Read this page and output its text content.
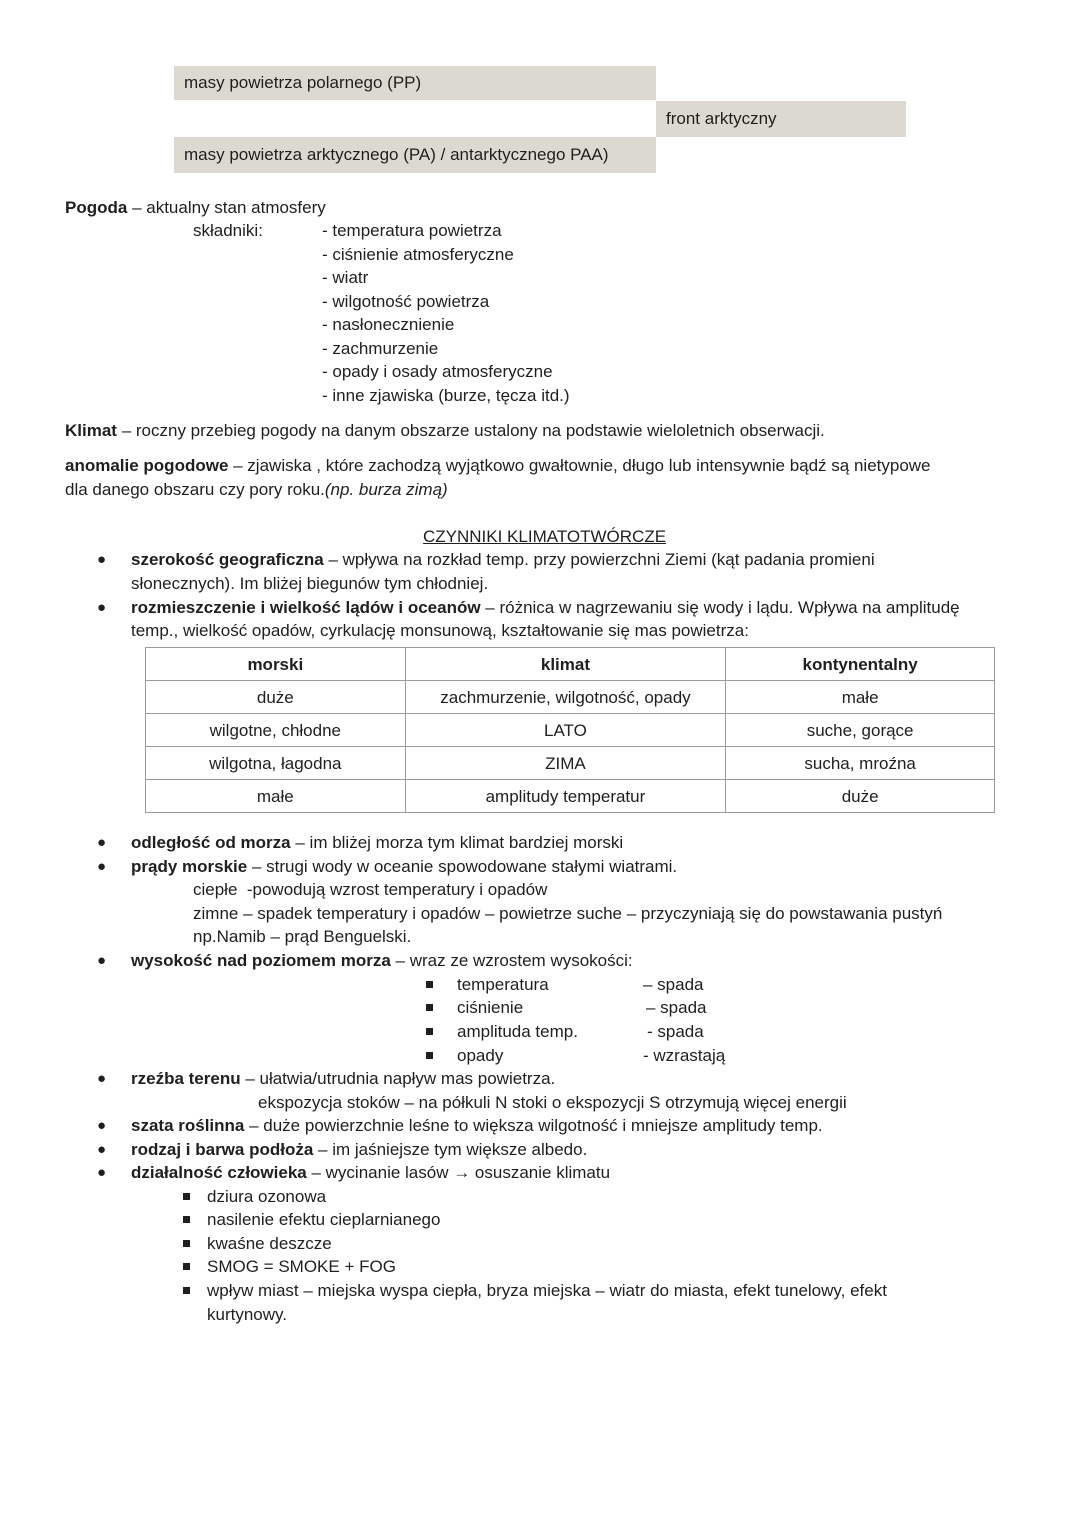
masy powietrza polarnego (PP)
front arktyczny
masy powietrza arktycznego (PA) / antarktycznego PAA)
Pogoda – aktualny stan atmosfery
składniki:	- temperatura powietrza
- ciśnienie atmosferyczne
- wiatr
- wilgotność powietrza
- nasłonecznienie
- zachmurzenie
- opady i osady atmosferyczne
- inne zjawiska (burze, tęcza itd.)
Klimat – roczny przebieg pogody na danym obszarze ustalony na podstawie wieloletnich obserwacji.
anomalie pogodowe – zjawiska , które zachodzą wyjątkowo gwałtownie, długo lub intensywnie bądź są nietypowe
dla danego obszaru czy pory roku.(np. burza zimą)
CZYNNIKI KLIMATOTWÓRCZE
● szerokość geograficzna – wpływa na rozkład temp. przy powierzchni Ziemi (kąt padania promieni
słonecznych). Im bliżej biegunów tym chłodniej.
● rozmieszczenie i wielkość lądów i oceanów – różnica w nagrzewaniu się wody i lądu. Wpływa na amplitudę
temp., wielkość opadów, cyrkulację monsunową, kształtowanie się mas powietrza:
morski	klimat	kontynentalny
duże	zachmurzenie, wilgotność, opady	małe
wilgotne, chłodne	LATO	suche, gorące
wilgotna, łagodna	ZIMA	sucha, mroźna
małe	amplitudy temperatur	duże
● odległość od morza – im bliżej morza tym klimat bardziej morski
● prądy morskie – strugi wody w oceanie spowodowane stałymi wiatrami.
ciepłe  -powodują wzrost temperatury i opadów
zimne – spadek temperatury i opadów – powietrze suche – przyczyniają się do powstawania pustyń
np.Namib – prąd Benguelski.
● wysokość nad poziomem morza – wraz ze wzrostem wysokości:
temperatura	– spada
ciśnienie	– spada
amplituda temp.	- spada
opady	- wzrastają
● rzeźba terenu – ułatwia/utrudnia napływ mas powietrza.
ekspozycja stoków – na półkuli N stoki o ekspozycji S otrzymują więcej energii
● szata roślinna – duże powierzchnie leśne to większa wilgotność i mniejsze amplitudy temp.
● rodzaj i barwa podłoża – im jaśniejsze tym większe albedo.
● działalność człowieka – wycinanie lasów → osuszanie klimatu
dziura ozonowa
nasilenie efektu cieplarnianego
kwaśne deszcze
SMOG = SMOKE + FOG
wpływ miast – miejska wyspa ciepła, bryza miejska – wiatr do miasta, efekt tunelowy, efekt
kurtynowy.
